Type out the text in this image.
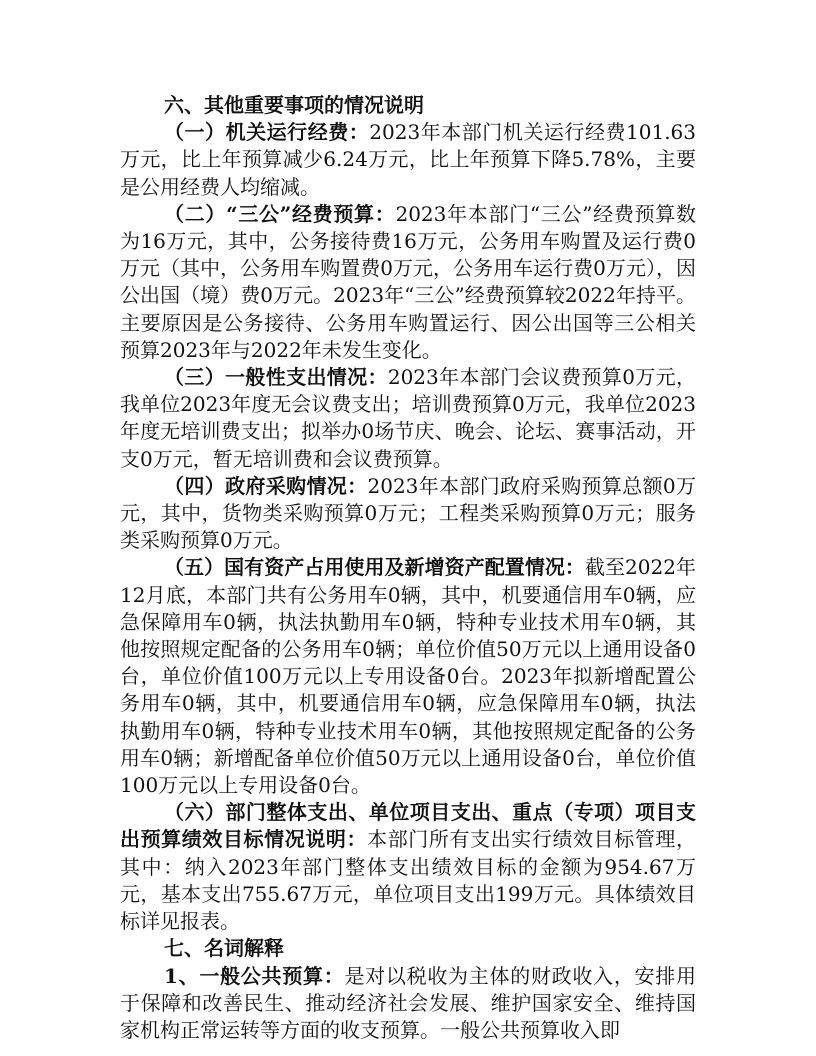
六、其他重要事项的情况说明

（一）机关运行经费：2023年本部门机关运行经费101.63万元，比上年预算减少6.24万元，比上年预算下降5.78%，主要是公用经费人均缩减。

（二）“三公”经费预算：2023年本部门“三公”经费预算数为16万元，其中，公务接待费16万元，公务用车购置及运行费0万元（其中，公务用车购置费0万元，公务用车运行费0万元），因公出国（境）费0万元。2023年“三公”经费预算较2022年持平。主要原因是公务接待、公务用车购置运行、因公出国等三公相关预算2023年与2022年未发生变化。

（三）一般性支出情况：2023年本部门会议费预算0万元，我单位2023年度无会议费支出；培训费预算0万元，我单位2023年度无培训费支出；拟举办0场节庆、晚会、论坛、赛事活动，开支0万元，暂无培训费和会议费预算。

（四）政府采购情况：2023年本部门政府采购预算总额0万元，其中，货物类采购预算0万元；工程类采购预算0万元；服务类采购预算0万元。

（五）国有资产占用使用及新增资产配置情况：截至2022年12月底，本部门共有公务用车0辆，其中，机要通信用车0辆，应急保障用车0辆，执法执勤用车0辆，特种专业技术用车0辆，其他按照规定配备的公务用车0辆；单位价值50万元以上通用设备0台，单位价值100万元以上专用设备0台。2023年拟新增配置公务用车0辆，其中，机要通信用车0辆，应急保障用车0辆，执法执勤用车0辆，特种专业技术用车0辆，其他按照规定配备的公务用车0辆；新增配备单位价值50万元以上通用设备0台，单位价值100万元以上专用设备0台。

（六）部门整体支出、单位项目支出、重点（专项）项目支出预算绩效目标情况说明：本部门所有支出实行绩效目标管理，其中：纳入2023年部门整体支出绩效目标的金额为954.67万元，基本支出755.67万元，单位项目支出199万元。具体绩效目标详见报表。

七、名词解释

1、一般公共预算：是对以税收为主体的财政收入，安排用于保障和改善民生、推动经济社会发展、维护国家安全、维持国家机构正常运转等方面的收支预算。一般公共预算收入即
